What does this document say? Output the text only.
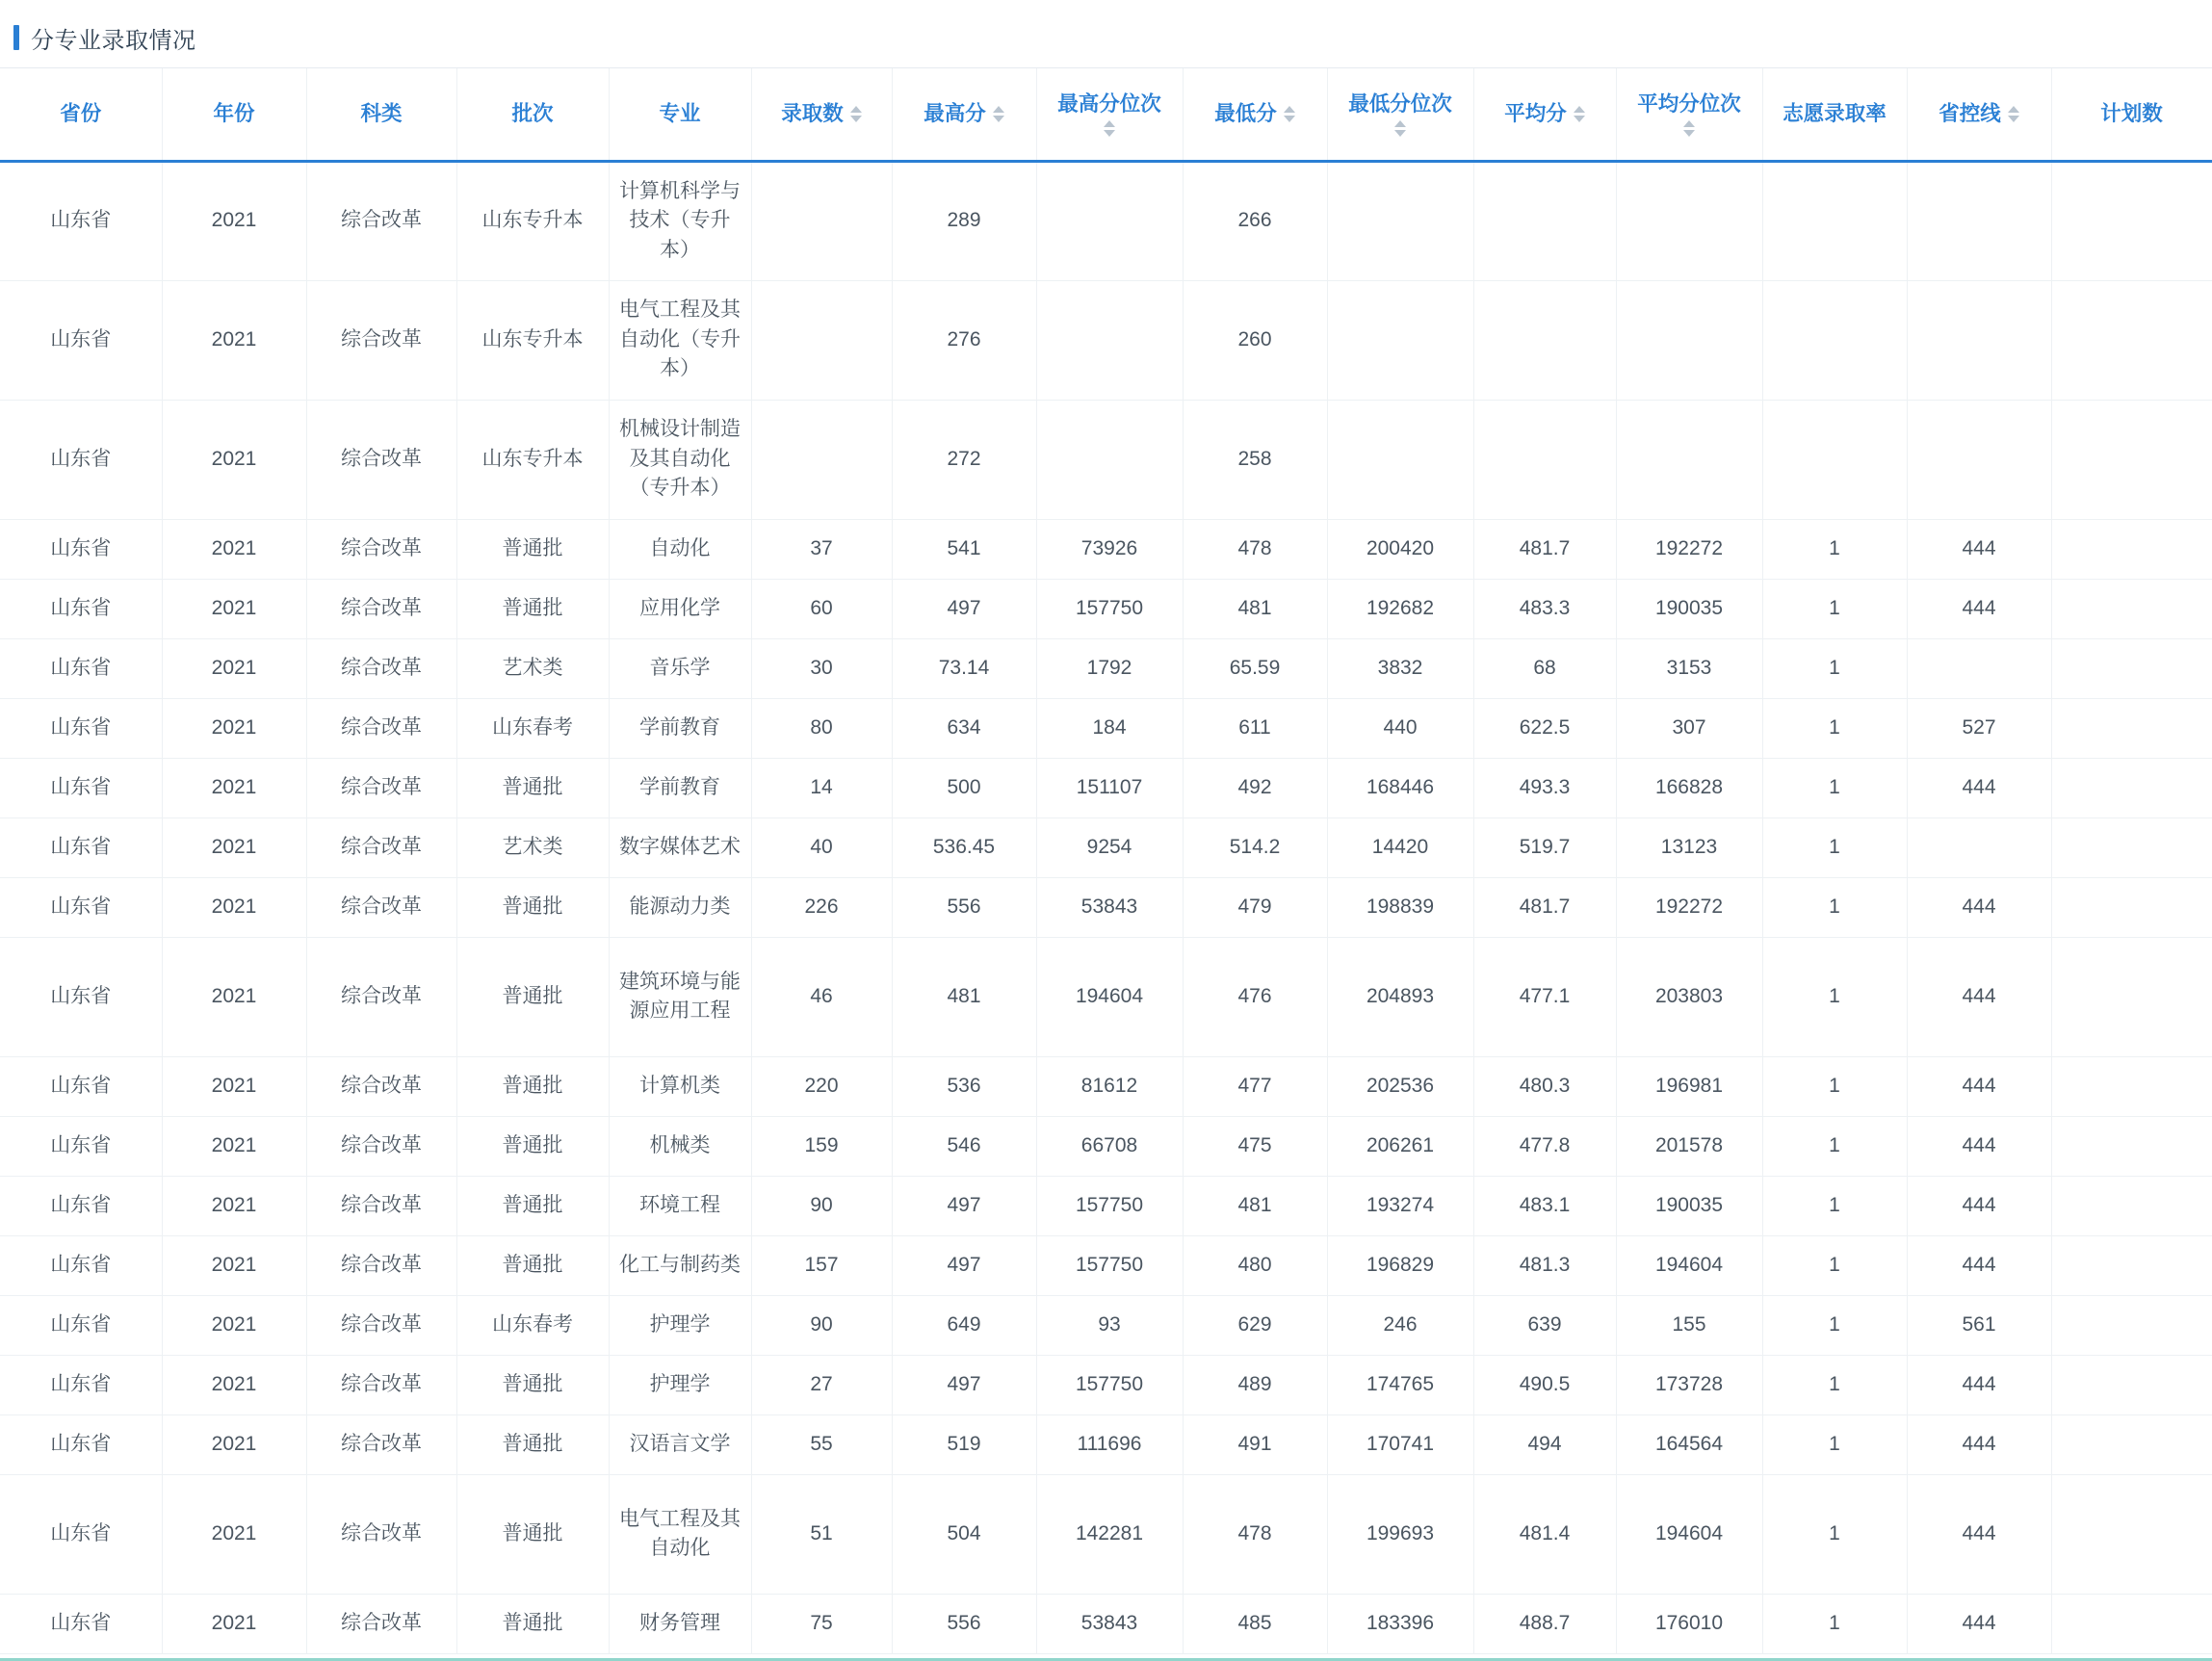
分专业录取情况
省份	年份	科类	批次	专业	录取数	最高分	最高分位次	最低分	最低分位次	平均分	平均分位次	志愿录取率	省控线	计划数

山东省	2021	综合改革	山东专升本	计算机科学与技术（专升本）		289		266						
山东省	2021	综合改革	山东专升本	电气工程及其自动化（专升本）		276		260						
山东省	2021	综合改革	山东专升本	机械设计制造及其自动化（专升本）		272		258						
山东省	2021	综合改革	普通批	自动化	37	541	73926	478	200420	481.7	192272	1	444	
山东省	2021	综合改革	普通批	应用化学	60	497	157750	481	192682	483.3	190035	1	444	
山东省	2021	综合改革	艺术类	音乐学	30	73.14	1792	65.59	3832	68	3153	1		
山东省	2021	综合改革	山东春考	学前教育	80	634	184	611	440	622.5	307	1	527	
山东省	2021	综合改革	普通批	学前教育	14	500	151107	492	168446	493.3	166828	1	444	
山东省	2021	综合改革	艺术类	数字媒体艺术	40	536.45	9254	514.2	14420	519.7	13123	1		
山东省	2021	综合改革	普通批	能源动力类	226	556	53843	479	198839	481.7	192272	1	444	
山东省	2021	综合改革	普通批	建筑环境与能源应用工程	46	481	194604	476	204893	477.1	203803	1	444	
山东省	2021	综合改革	普通批	计算机类	220	536	81612	477	202536	480.3	196981	1	444	
山东省	2021	综合改革	普通批	机械类	159	546	66708	475	206261	477.8	201578	1	444	
山东省	2021	综合改革	普通批	环境工程	90	497	157750	481	193274	483.1	190035	1	444	
山东省	2021	综合改革	普通批	化工与制药类	157	497	157750	480	196829	481.3	194604	1	444	
山东省	2021	综合改革	山东春考	护理学	90	649	93	629	246	639	155	1	561	
山东省	2021	综合改革	普通批	护理学	27	497	157750	489	174765	490.5	173728	1	444	
山东省	2021	综合改革	普通批	汉语言文学	55	519	111696	491	170741	494	164564	1	444	
山东省	2021	综合改革	普通批	电气工程及其自动化	51	504	142281	478	199693	481.4	194604	1	444	
山东省	2021	综合改革	普通批	财务管理	75	556	53843	485	183396	488.7	176010	1	444	
